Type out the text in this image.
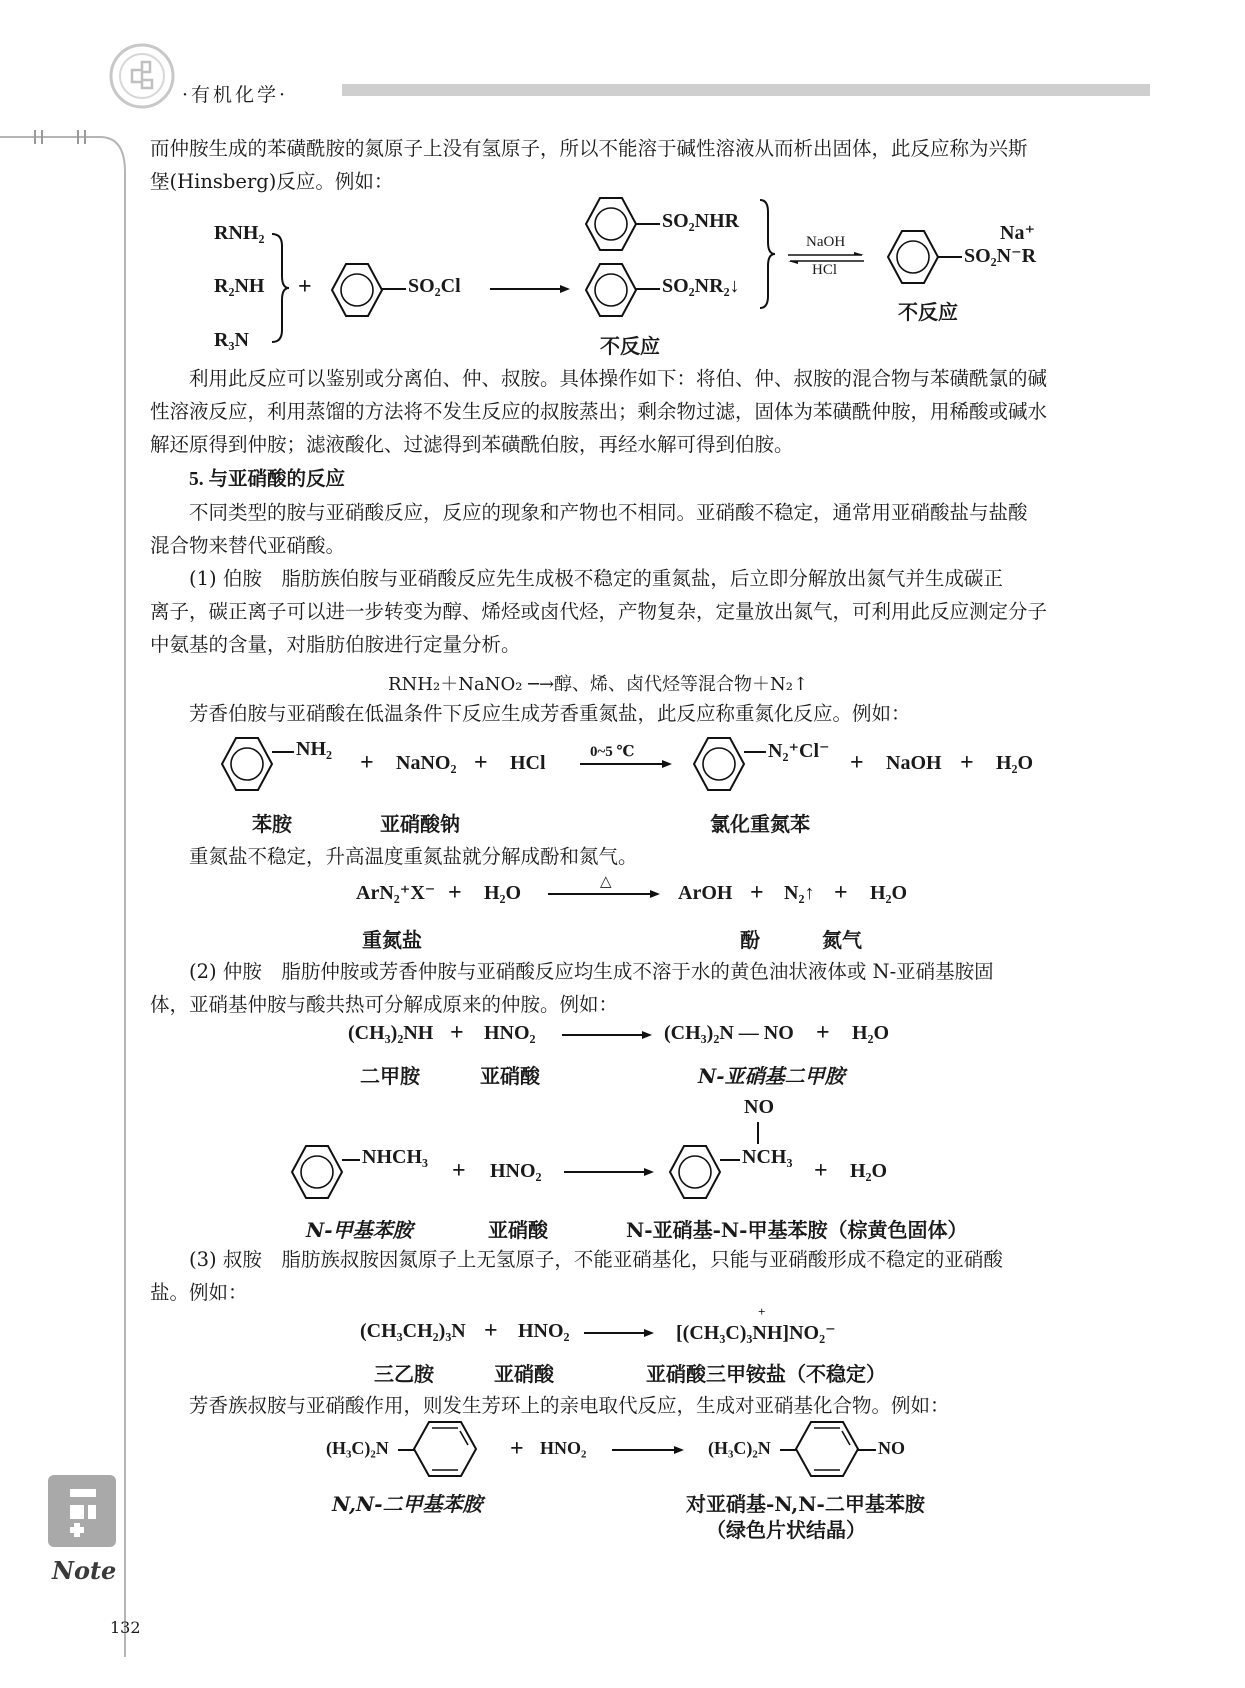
·有机化学·
而仲胺生成的苯磺酰胺的氮原子上没有氢原子，所以不能溶于碱性溶液从而析出固体，此反应称为兴斯
堡(Hinsberg)反应。例如：
RNH₂
R₂NH
R₃N
+	SO₂Cl
SO₂NHR
SO₂NR₂↓
不反应
NaOH
HCl
Na⁺
SO₂N⁻R
不反应
利用此反应可以鉴别或分离伯、仲、叔胺。具体操作如下：将伯、仲、叔胺的混合物与苯磺酰氯的碱
性溶液反应，利用蒸馏的方法将不发生反应的叔胺蒸出；剩余物过滤，固体为苯磺酰仲胺，用稀酸或碱水
解还原得到仲胺；滤液酸化、过滤得到苯磺酰伯胺，再经水解可得到伯胺。
5. 与亚硝酸的反应
不同类型的胺与亚硝酸反应，反应的现象和产物也不相同。亚硝酸不稳定，通常用亚硝酸盐与盐酸
混合物来替代亚硝酸。
(1) 伯胺　脂肪族伯胺与亚硝酸反应先生成极不稳定的重氮盐，后立即分解放出氮气并生成碳正
离子，碳正离子可以进一步转变为醇、烯烃或卤代烃，产物复杂，定量放出氮气，可利用此反应测定分子
中氨基的含量，对脂肪伯胺进行定量分析。
RNH₂＋NaNO₂ ─→醇、烯、卤代烃等混合物＋N₂↑
芳香伯胺与亚硝酸在低温条件下反应生成芳香重氮盐，此反应称重氮化反应。例如：
NH₂
+ NaNO₂ + HCl	0~5 ℃	N₂⁺Cl⁻ + NaOH + H₂O
苯胺	亚硝酸钠	氯化重氮苯
重氮盐不稳定，升高温度重氮盐就分解成酚和氮气。
ArN₂⁺X⁻ + H₂O	△	ArOH + N₂↑ + H₂O
重氮盐	酚	氮气
(2) 仲胺　脂肪仲胺或芳香仲胺与亚硝酸反应均生成不溶于水的黄色油状液体或 N-亚硝基胺固
体，亚硝基仲胺与酸共热可分解成原来的仲胺。例如：
(CH₃)₂NH + HNO₂	(CH₃)₂N — NO + H₂O
二甲胺	亚硝酸	N-亚硝基二甲胺
NHCH₃
+ HNO₂
NO
NCH₃
+ H₂O
N-甲基苯胺	亚硝酸	N-亚硝基-N-甲基苯胺（棕黄色固体）
(3) 叔胺　脂肪族叔胺因氮原子上无氢原子，不能亚硝基化，只能与亚硝酸形成不稳定的亚硝酸
盐。例如：
(CH₃CH₂)₃N + HNO₂
+
[(CH₃C)₃NH]NO₂⁻
三乙胺	亚硝酸	亚硝酸三甲铵盐（不稳定）
芳香族叔胺与亚硝酸作用，则发生芳环上的亲电取代反应，生成对亚硝基化合物。例如：
(H₃C)₂N	+ HNO₂	(H₃C)₂N	NO
N,N-二甲基苯胺	对亚硝基-N,N-二甲基苯胺
（绿色片状结晶）
Note
132
